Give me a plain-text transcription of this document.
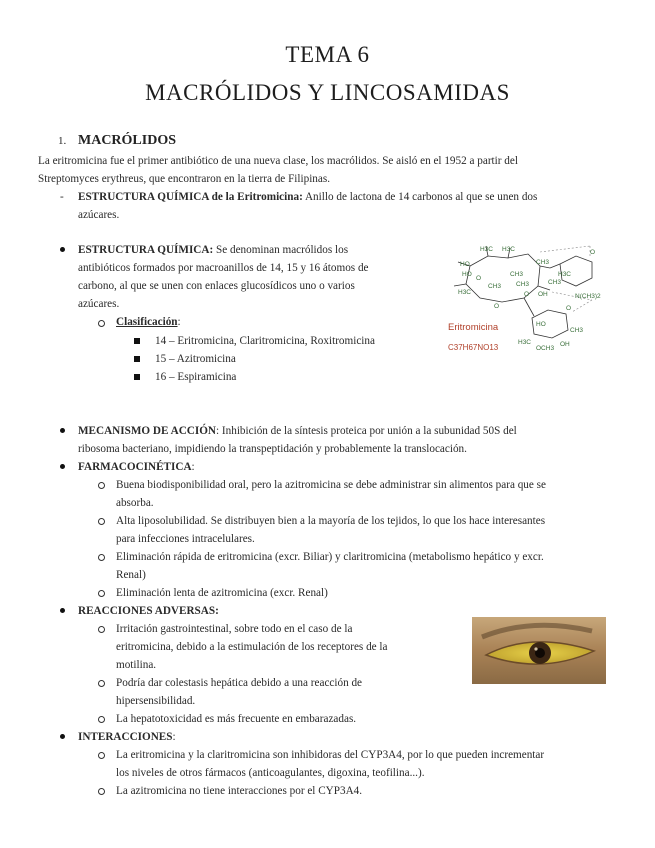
TEMA 6
MACRÓLIDOS Y LINCOSAMIDAS
1. MACRÓLIDOS
La eritromicina fue el primer antibiótico de una nueva clase, los macrólidos. Se aisló en el 1952 a partir del
Streptomyces erythreus, que encontraron en la tierra de Filipinas.
- ESTRUCTURA QUÍMICA de la Eritromicina: Anillo de lactona de 14 carbonos al que se unen dos
azúcares.
ESTRUCTURA QUÍMICA: Se denominan macrólidos los
antibióticos formados por macroanillos de 14, 15 y 16 átomos de
carbono, al que se unen con enlaces glucosídicos uno o varios
azúcares.
Clasificación:
14 – Eritromicina, Claritromicina, Roxitromicina
15 – Azitromicina
16 – Espiramicina
H3C H3C
CH3
HO
HO
H3C
CH3
O
OH
H3C
N(CH3)2
O
HO
CH3	CH3
O
H3C
O
CH3
OCH3
OH
CH3
O
Eritromicina
C37H67NO13
MECANISMO DE ACCIÓN: Inhibición de la síntesis proteica por unión a la subunidad 50S del
ribosoma bacteriano, impidiendo la transpeptidación y probablemente la translocación.
FARMACOCINÉTICA:
Buena biodisponibilidad oral, pero la azitromicina se debe administrar sin alimentos para que se
absorba.
Alta liposolubilidad. Se distribuyen bien a la mayoría de los tejidos, lo que los hace interesantes
para infecciones intracelulares.
Eliminación rápida de eritromicina (excr. Biliar) y claritromicina (metabolismo hepático y excr.
Renal)
Eliminación lenta de azitromicina (excr. Renal)
REACCIONES ADVERSAS:
Irritación gastrointestinal, sobre todo en el caso de la
eritromicina, debido a la estimulación de los receptores de la
motilina.
Podría dar colestasis hepática debido a una reacción de
hipersensibilidad.
La hepatotoxicidad es más frecuente en embarazadas.
INTERACCIONES:
La eritromicina y la claritromicina son inhibidoras del CYP3A4, por lo que pueden incrementar
los niveles de otros fármacos (anticoagulantes, digoxina, teofilina...).
La azitromicina no tiene interacciones por el CYP3A4.
